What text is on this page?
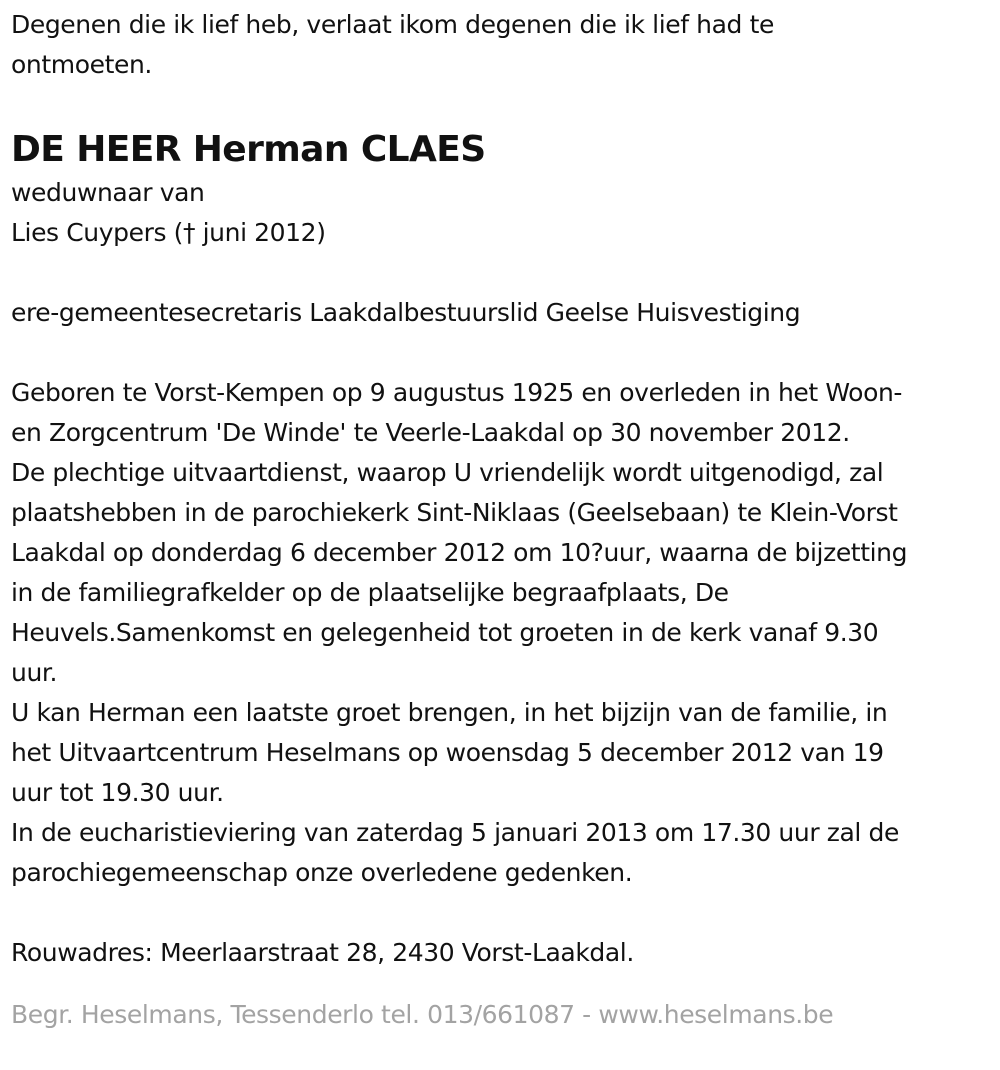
Degenen die ik lief heb, verlaat ikom degenen die ik lief had te

ontmoeten.

DE HEER Herman CLAES

weduwnaar van

Lies Cuypers († juni 2012)

ere-gemeentesecretaris Laakdalbestuurslid Geelse Huisvestiging

Geboren te Vorst-Kempen op 9 augustus 1925 en overleden in het Woon-

en Zorgcentrum 'De Winde' te Veerle-Laakdal op 30 november 2012.

De plechtige uitvaartdienst, waarop U vriendelijk wordt uitgenodigd, zal

plaatshebben in de parochiekerk Sint-Niklaas (Geelsebaan) te Klein-Vorst

Laakdal op donderdag 6 december 2012 om 10?uur, waarna de bijzetting

in de familiegrafkelder op de plaatselijke begraafplaats, De

Heuvels.Samenkomst en gelegenheid tot groeten in de kerk vanaf 9.30

uur.

U kan Herman een laatste groet brengen, in het bijzijn van de familie, in

het Uitvaartcentrum Heselmans op woensdag 5 december 2012 van 19

uur tot 19.30 uur.

In de eucharistieviering van zaterdag 5 januari 2013 om 17.30 uur zal de

parochiegemeenschap onze overledene gedenken.

Rouwadres: Meerlaarstraat 28, 2430 Vorst-Laakdal.

Begr. Heselmans, Tessenderlo tel. 013/661087 - www.heselmans.be
